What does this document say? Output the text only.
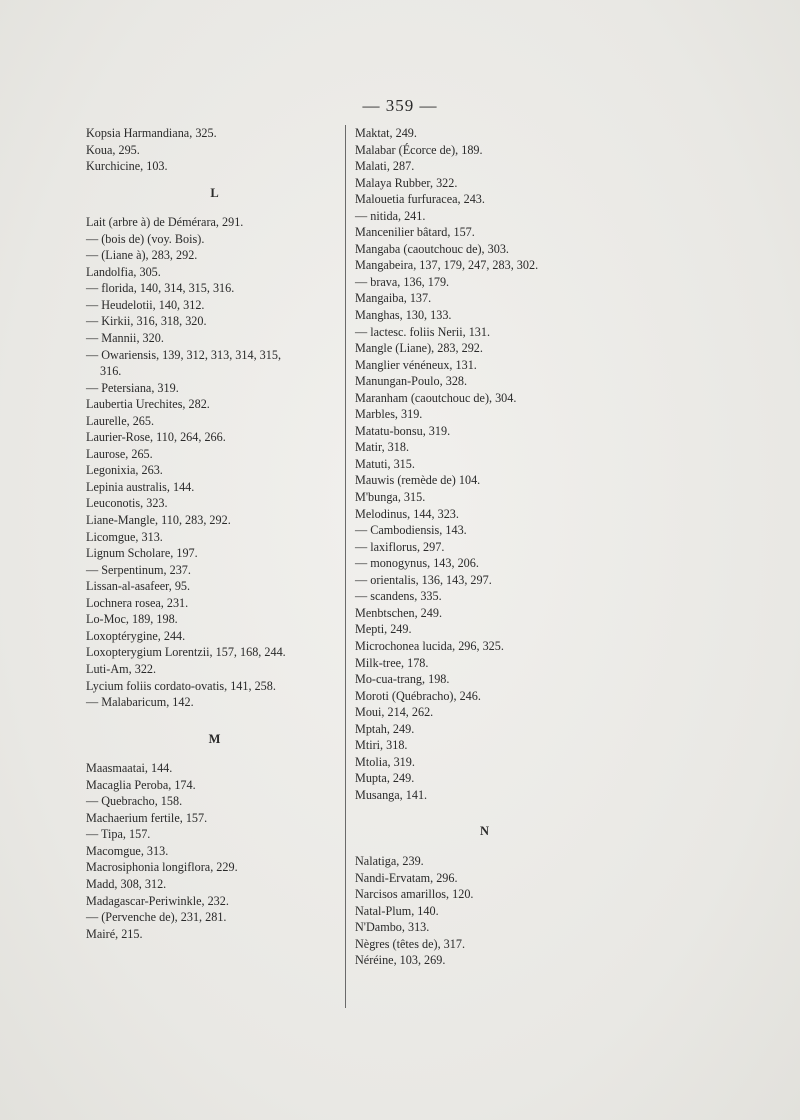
— 359 —
Kopsia Harmandiana, 325.
Koua, 295.
Kurchicine, 103.
L
Lait (arbre à) de Démérara, 291.
— (bois de) (voy. Bois).
— (Liane à), 283, 292.
Landolfia, 305.
— florida, 140, 314, 315, 316.
— Heudelotii, 140, 312.
— Kirkii, 316, 318, 320.
— Mannii, 320.
— Owariensis, 139, 312, 313, 314, 315,
316.
— Petersiana, 319.
Laubertia Urechites, 282.
Laurelle, 265.
Laurier-Rose, 110, 264, 266.
Laurose, 265.
Legonixia, 263.
Lepinia australis, 144.
Leuconotis, 323.
Liane-Mangle, 110, 283, 292.
Licomgue, 313.
Lignum Scholare, 197.
— Serpentinum, 237.
Lissan-al-asafeer, 95.
Lochnera rosea, 231.
Lo-Moc, 189, 198.
Loxoptérygine, 244.
Loxopterygium Lorentzii, 157, 168, 244.
Luti-Am, 322.
Lycium foliis cordato-ovatis, 141, 258.
— Malabaricum, 142.
M
Maasmaatai, 144.
Macaglia Peroba, 174.
— Quebracho, 158.
Machaerium fertile, 157.
— Tipa, 157.
Macomgue, 313.
Macrosiphonia longiflora, 229.
Madd, 308, 312.
Madagascar-Periwinkle, 232.
— (Pervenche de), 231, 281.
Mairé, 215.
Maktat, 249.
Malabar (Écorce de), 189.
Malati, 287.
Malaya Rubber, 322.
Malouetia furfuracea, 243.
— nitida, 241.
Mancenilier bâtard, 157.
Mangaba (caoutchouc de), 303.
Mangabeira, 137, 179, 247, 283, 302.
— brava, 136, 179.
Mangaiba, 137.
Manghas, 130, 133.
— lactesc. foliis Nerii, 131.
Mangle (Liane), 283, 292.
Manglier vénéneux, 131.
Manungan-Poulo, 328.
Maranham (caoutchouc de), 304.
Marbles, 319.
Matatu-bonsu, 319.
Matir, 318.
Matuti, 315.
Mauwis (remède de) 104.
M'bunga, 315.
Melodinus, 144, 323.
— Cambodiensis, 143.
— laxiflorus, 297.
— monogynus, 143, 206.
— orientalis, 136, 143, 297.
— scandens, 335.
Menbtschen, 249.
Mepti, 249.
Microchonea lucida, 296, 325.
Milk-tree, 178.
Mo-cua-trang, 198.
Moroti (Québracho), 246.
Moui, 214, 262.
Mptah, 249.
Mtiri, 318.
Mtolia, 319.
Mupta, 249.
Musanga, 141.
N
Nalatiga, 239.
Nandi-Ervatam, 296.
Narcisos amarillos, 120.
Natal-Plum, 140.
N'Dambo, 313.
Nègres (têtes de), 317.
Néréine, 103, 269.
